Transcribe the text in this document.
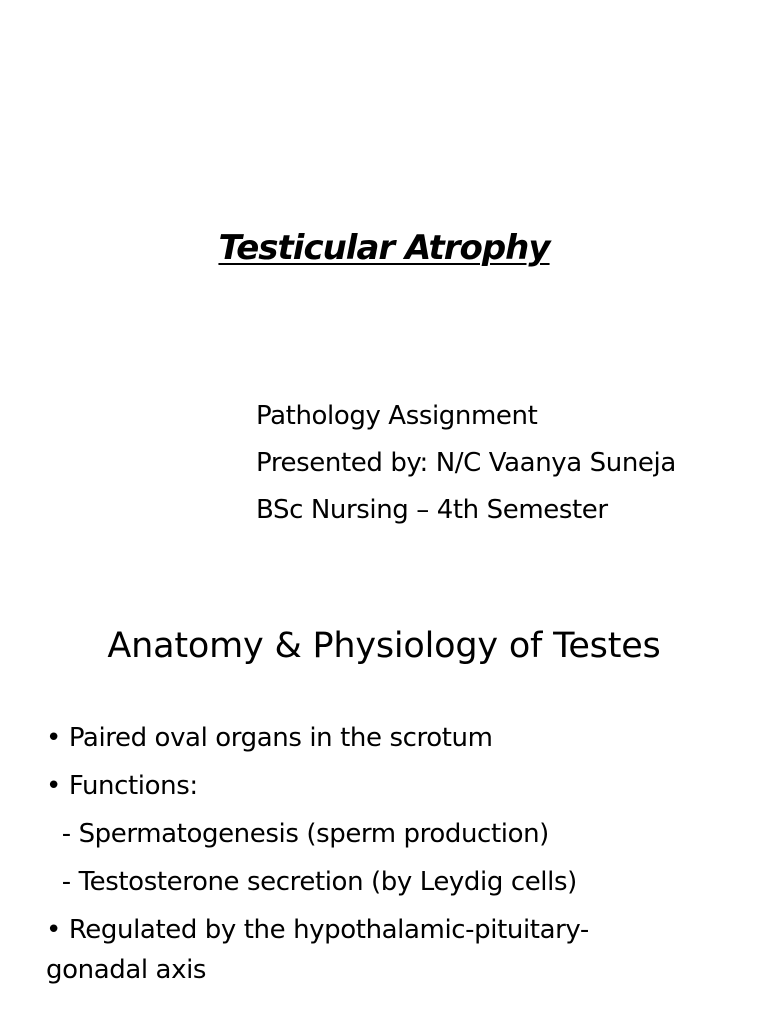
Testicular Atrophy
Pathology Assignment
Presented by: N/C Vaanya Suneja
BSc Nursing – 4th Semester
Anatomy & Physiology of Testes
• Paired oval organs in the scrotum
• Functions:
- Spermatogenesis (sperm production)
- Testosterone secretion (by Leydig cells)
• Regulated by the hypothalamic-pituitary-gonadal axis
